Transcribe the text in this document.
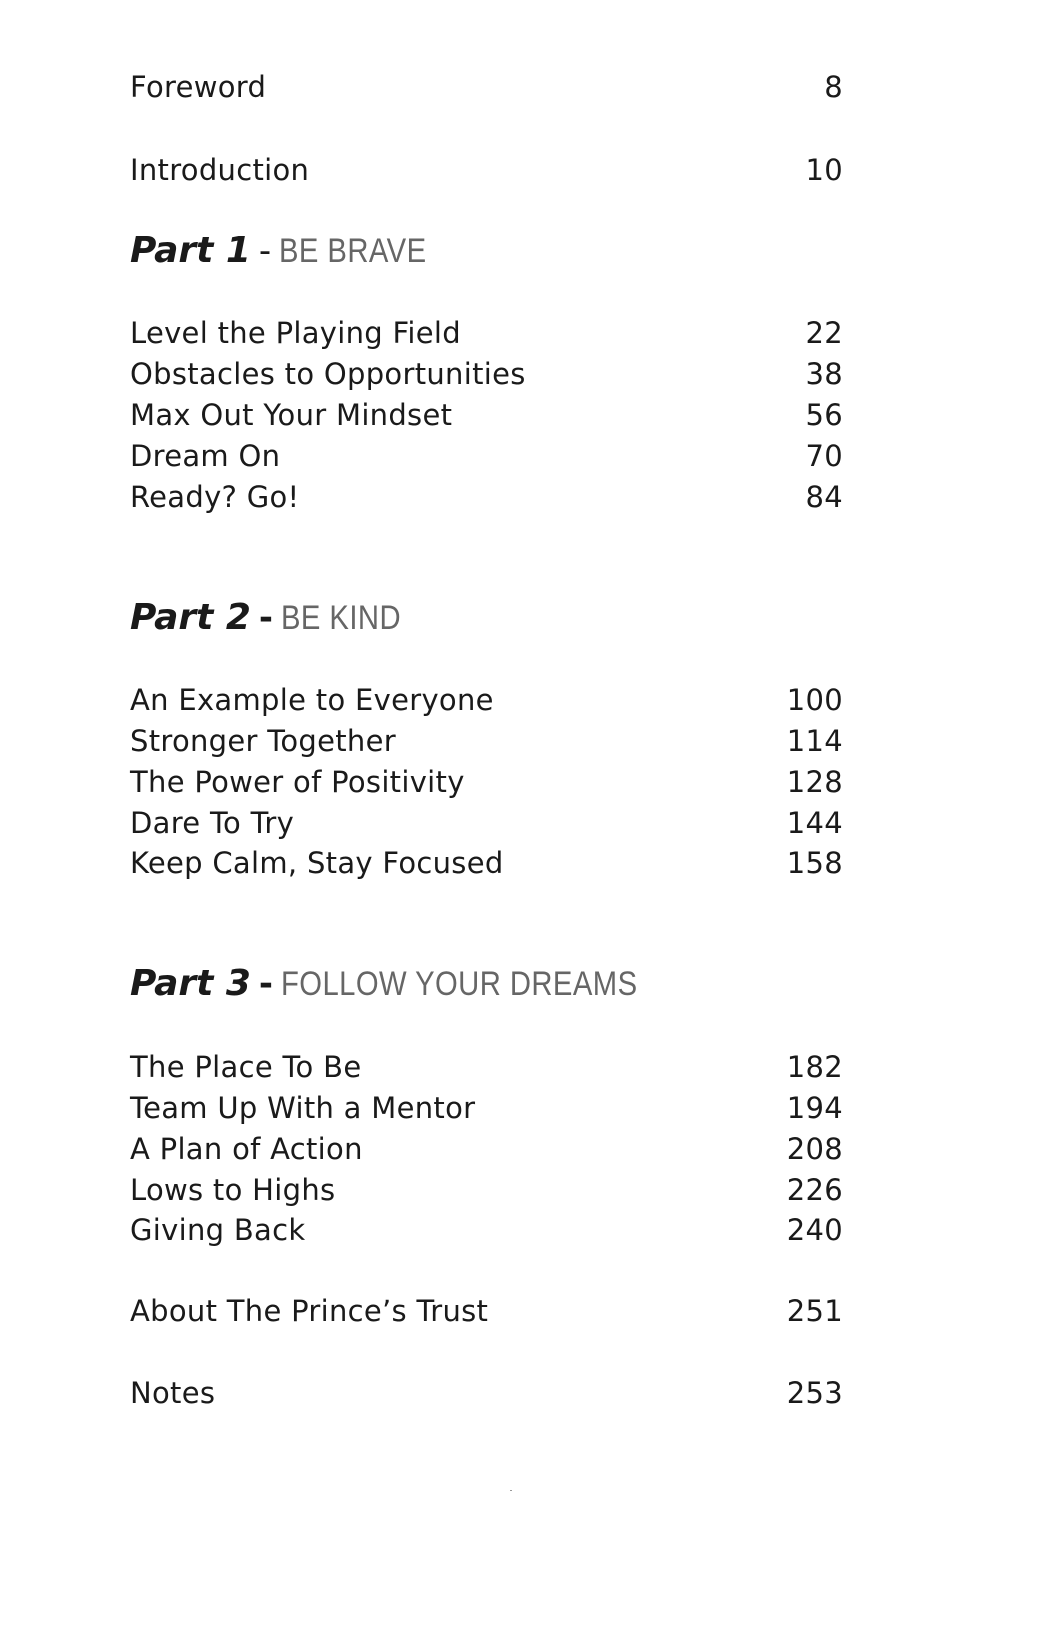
Foreword	8
Introduction	10
Part 1 - BE BRAVE
Level the Playing Field	22
Obstacles to Opportunities	38
Max Out Your Mindset	56
Dream On	70
Ready? Go!	84
Part 2 - BE KIND
An Example to Everyone	100
Stronger Together	114
The Power of Positivity	128
Dare To Try	144
Keep Calm, Stay Focused	158
Part 3 - FOLLOW YOUR DREAMS
The Place To Be	182
Team Up With a Mentor	194
A Plan of Action	208
Lows to Highs	226
Giving Back	240
About The Prince’s Trust	251
Notes	253
